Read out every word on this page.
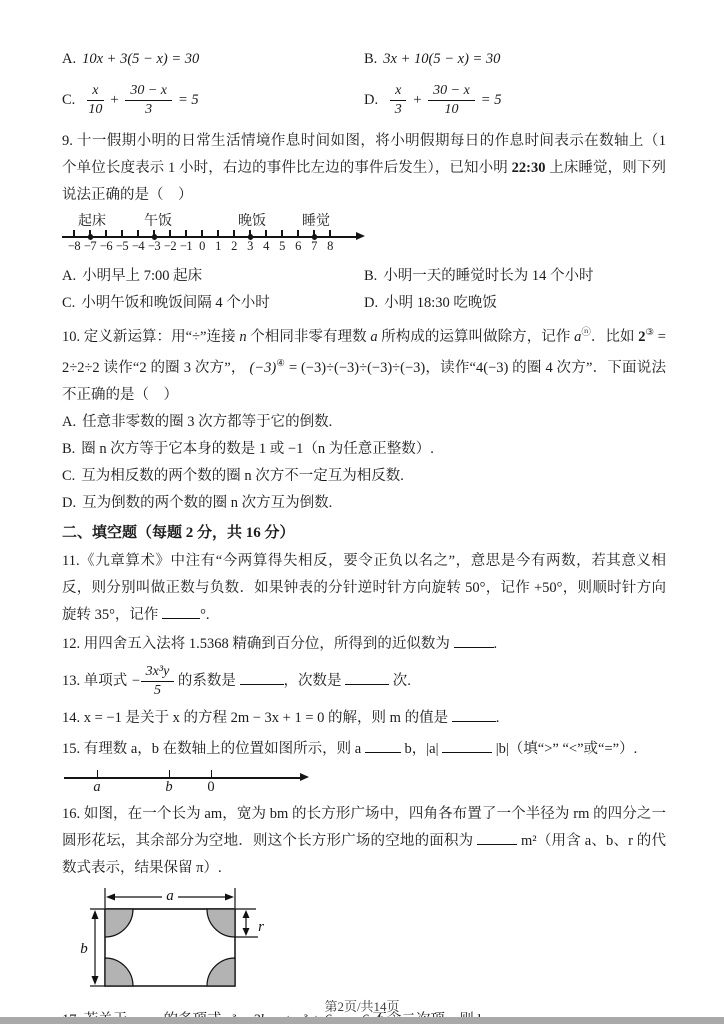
A. 10x + 3(5 − x) = 30	B. 3x + 10(5 − x) = 30
C. $\frac{x}{10} + \frac{30 - x}{3} = 5$	D. $\frac{x}{3} + \frac{30 - x}{10} = 5$

9. 十一假期小明的日常生活情境作息时间如图，将小明假期每日的作息时间表示在数轴上（1 个单位长度表示 1 小时，右边的事件比左边的事件后发生），已知小明 22:30 上床睡觉，则下列说法正确的是（　）

起床	午饭	晚饭	睡觉
−8 −7 −6 −5 −4 −3 −2 −1 0 1 2 3 4 5 6 7 8
A. 小明早上 7:00 起床	B. 小明一天的睡觉时长为 14 个小时
C. 小明午饭和晚饭间隔 4 个小时	D. 小明 18:30 吃晚饭

10. 定义新运算：用“÷”连接 n 个相同非零有理数 a 所构成的运算叫做除方，记作 aⓝ．比如 2③ = 2÷2÷2 读作“2 的圈 3 次方”， (−3)④ = (−3)÷(−3)÷(−3)÷(−3)，读作“4(−3) 的圈 4 次方”．下面说法不正确的是（　）

A. 任意非零数的圈 3 次方都等于它的倒数.

B. 圈 n 次方等于它本身的数是 1 或 −1（n 为任意正整数）.

C. 互为相反数的两个数的圈 n 次方不一定互为相反数.

D. 互为倒数的两个数的圈 n 次方互为倒数.

二、填空题（每题 2 分，共 16 分）

11.《九章算术》中注有“今两算得失相反，要令正负以名之”，意思是今有两数，若其意义相反，则分别叫做正数与负数．如果钟表的分针逆时针方向旋转 50°，记作 +50°，则顺时针方向旋转 35°，记作	°.

12. 用四舍五入法将 1.5368 精确到百分位，所得到的近似数为	.

13. 单项式 − $\frac{\text{3x³y}}{5}$ 的系数是	，次数是	次.

14. x = −1 是关于 x 的方程 2m − 3x + 1 = 0 的解，则 m 的值是	.

15. 有理数 a，b 在数轴上的位置如图所示，则 a  b，|a|	|b|（填“>” “<”或“=”）.

a	b 0

16. 如图，在一个长为 am，宽为 bm 的长方形广场中，四角各布置了一个半径为 rm 的四分之一圆形花坛，其余部分为空地．则这个长方形广场的空地的面积为	m²（用含 a、b、r 的代数式表示，结果保留 π）.

a
b
r

第2页/共14页
